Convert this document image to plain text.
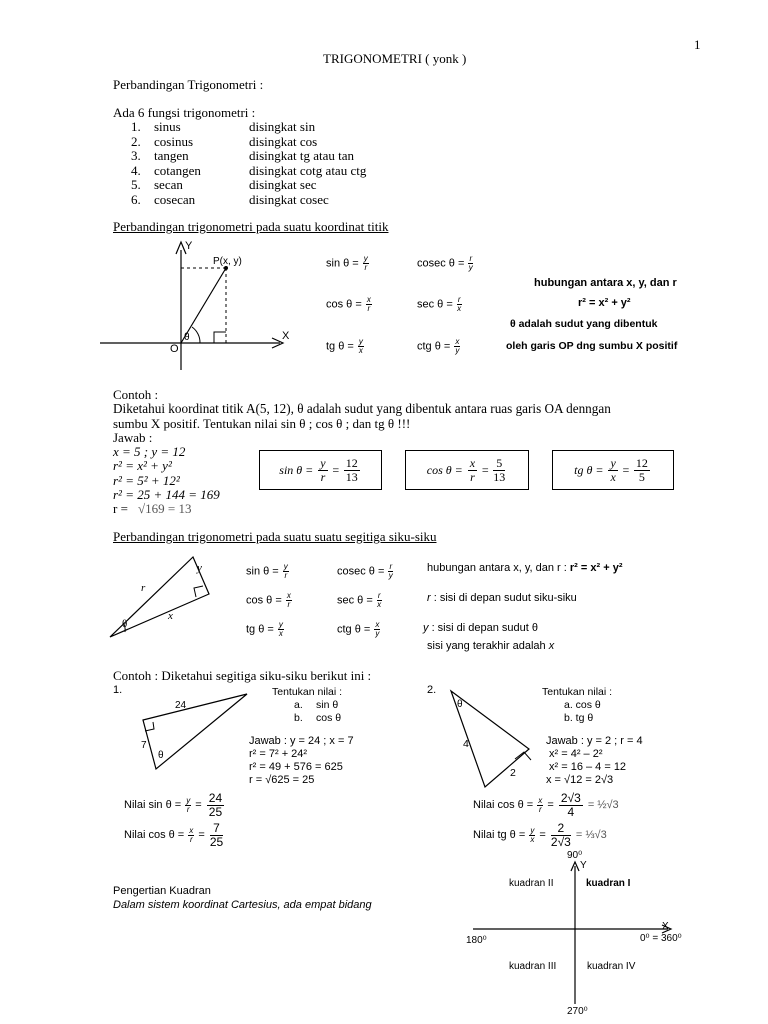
1
TRIGONOMETRI ( yonk )
Perbandingan Trigonometri :
Ada 6 fungsi trigonometri :
1. sinus	disingkat sin
2. cosinus	disingkat cos
3. tangen	disingkat tg atau tan
4. cotangen	disingkat cotg atau ctg
5. secan	disingkat sec
6. cosecan	disingkat cosec
Perbandingan trigonometri pada suatu koordinat titik
Y
X
O
P(x, y)
θ
$\sin \theta = \frac{y}{r}$	cosec $\theta = \frac{r}{y}$
$\cos \theta = \frac{x}{r}$	$\sec \theta = \frac{r}{x}$
tg $\theta = \frac{y}{x}$	ctg $\theta = \frac{x}{y}$
hubungan antara x, y, dan r
r² = x² + y²
θ adalah sudut yang dibentuk
oleh garis OP dng sumbu X positif
Contoh :
Diketahui koordinat titik A(5, 12), θ adalah sudut yang dibentuk antara ruas garis OA denngan
sumbu X positif. Tentukan nilai sin θ ; cos θ ; dan tg θ !!!
Jawab :
x = 5 ; y = 12
r² = x² + y²
r² = 5² + 12²
r² = 25 + 144 = 169
r = √169 = 13
$\sin \theta = \frac{y}{r} = \frac{12}{13}$	$\cos \theta = \frac{x}{r} = \frac{5}{13}$	tg $\theta = \frac{y}{x} = \frac{12}{5}$
Perbandingan trigonometri pada suatu suatu segitiga siku-siku
r
y
x
θ
$\sin \theta = \frac{y}{r}$	cosec $\theta = \frac{r}{y}$
$\cos \theta = \frac{x}{r}$	$\sec \theta = \frac{r}{x}$
tg $\theta = \frac{y}{x}$	ctg $\theta = \frac{x}{y}$
hubungan antara x, y, dan r : r² = x² + y²
r : sisi di depan sudut siku-siku
y : sisi di depan sudut θ
sisi yang terakhir adalah x
Contoh : Diketahui segitiga siku-siku berikut ini :
1.
24
7
θ
Tentukan nilai :
a. sin θ
b. cos θ
Jawab : y = 24 ; x = 7
r² = 7² + 24²
r² = 49 + 576 = 625
r = √625 = 25
Nilai $\sin \theta = \frac{y}{r} = \frac{24}{25}$
Nilai $\cos \theta = \frac{x}{r} = \frac{7}{25}$
2.
θ
4
2
Tentukan nilai :
a. cos θ
b. tg θ
Jawab : y = 2 ; r = 4
x² = 4² – 2²
x² = 16 – 4 = 12
x = √12 = 2√3
Nilai $\cos \theta = \frac{x}{r} = \frac{2√3}{4}$ = ½√3
Nilai tg $\theta = \frac{y}{x} = \frac{2}{2√3}$ = ⅓√3
Pengertian Kuadran
Dalam sistem koordinat Cartesius, ada empat bidang
90⁰
Y
X
0⁰ = 360⁰
180⁰
270⁰
kuadran I
kuadran II
kuadran III	kuadran IV
